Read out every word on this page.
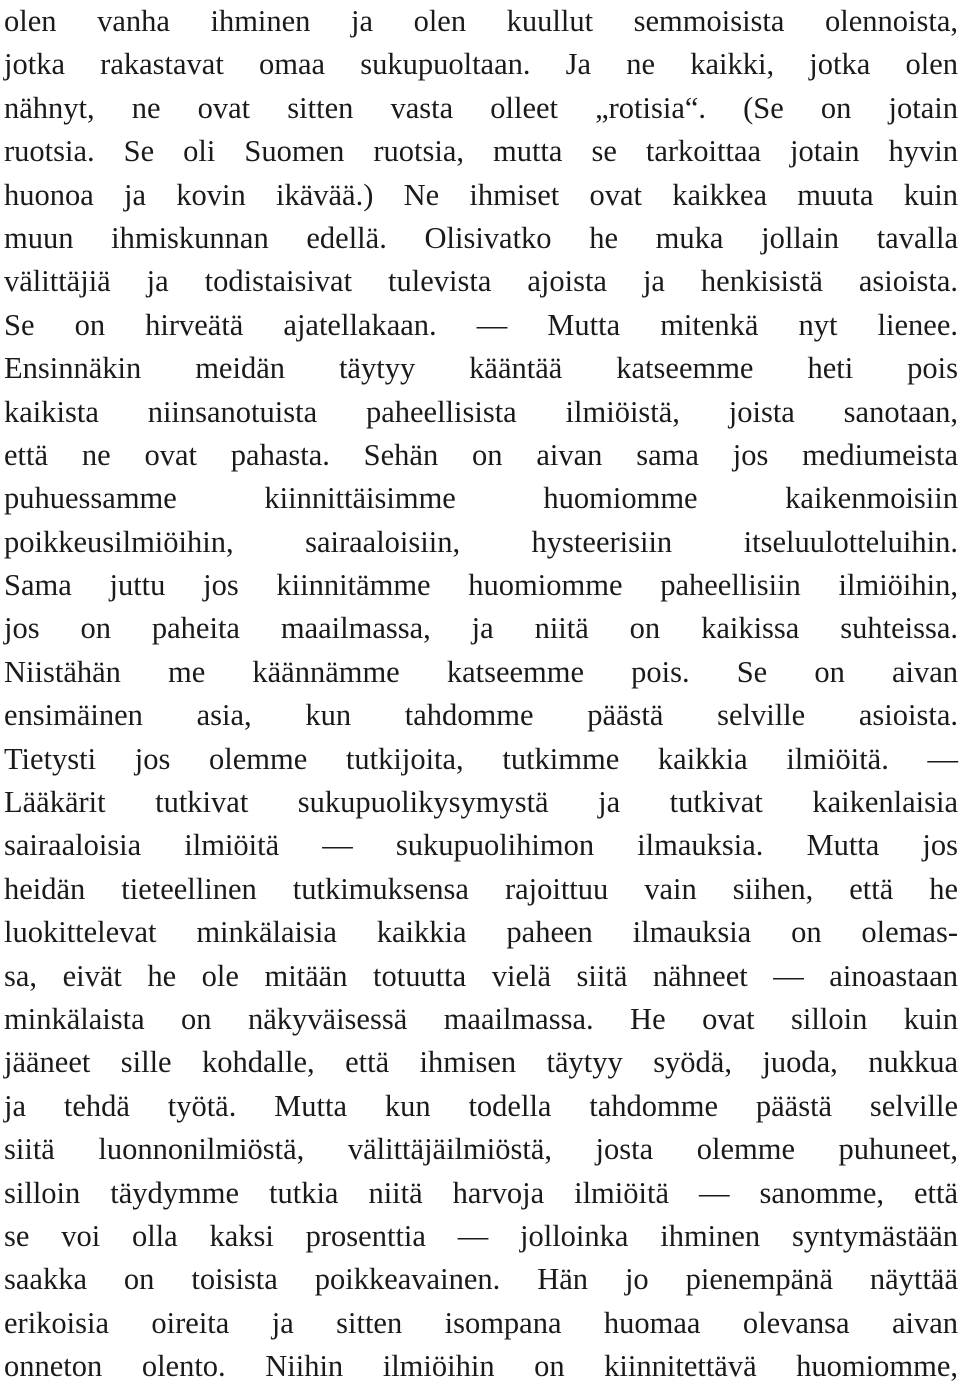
olen vanha ihminen ja olen kuullut semmoisista olennoista,
jotka rakastavat omaa sukupuoltaan. Ja ne kaikki, jotka olen
nähnyt, ne ovat sitten vasta olleet „rotisia“. (Se on jotain
ruotsia. Se oli Suomen ruotsia, mutta se tarkoittaa jotain hyvin
huonoa ja kovin ikävää.) Ne ihmiset ovat kaikkea muuta kuin
muun ihmiskunnan edellä. Olisivatko he muka jollain tavalla
välittäjiä ja todistaisivat tulevista ajoista ja henkisistä asioista.
Se on hirveätä ajatellakaan. — Mutta mitenkä nyt lienee.
Ensinnäkin meidän täytyy kääntää katseemme heti pois
kaikista niinsanotuista paheellisista ilmiöistä, joista sanotaan,
että ne ovat pahasta. Sehän on aivan sama jos mediumeista
puhuessamme kiinnittäisimme huomiomme kaikenmoisiin
poikkeusilmiöihin, sairaaloisiin, hysteerisiin itseluulotteluihin.
Sama juttu jos kiinnitämme huomiomme paheellisiin ilmiöihin,
jos on paheita maailmassa, ja niitä on kaikissa suhteissa.
Niistähän me käännämme katseemme pois. Se on aivan
ensimäinen asia, kun tahdomme päästä selville asioista.
Tietysti jos olemme tutkijoita, tutkimme kaikkia ilmiöitä. —
Lääkärit tutkivat sukupuolikysymystä ja tutkivat kaikenlaisia
sairaaloisia ilmiöitä — sukupuolihimon ilmauksia. Mutta jos
heidän tieteellinen tutkimuksensa rajoittuu vain siihen, että he
luokittelevat minkälaisia kaikkia paheen ilmauksia on olemas-
sa, eivät he ole mitään totuutta vielä siitä nähneet — ainoastaan
minkälaista on näkyväisessä maailmassa. He ovat silloin kuin
jääneet sille kohdalle, että ihmisen täytyy syödä, juoda, nukkua
ja tehdä työtä. Mutta kun todella tahdomme päästä selville
siitä luonnonilmiöstä, välittäjäilmiöstä, josta olemme puhuneet,
silloin täydymme tutkia niitä harvoja ilmiöitä — sanomme, että
se voi olla kaksi prosenttia — jolloinka ihminen syntymästään
saakka on toisista poikkeavainen. Hän jo pienempänä näyttää
erikoisia oireita ja sitten isompana huomaa olevansa aivan
onneton olento. Niihin ilmiöihin on kiinnitettävä huomiomme,
